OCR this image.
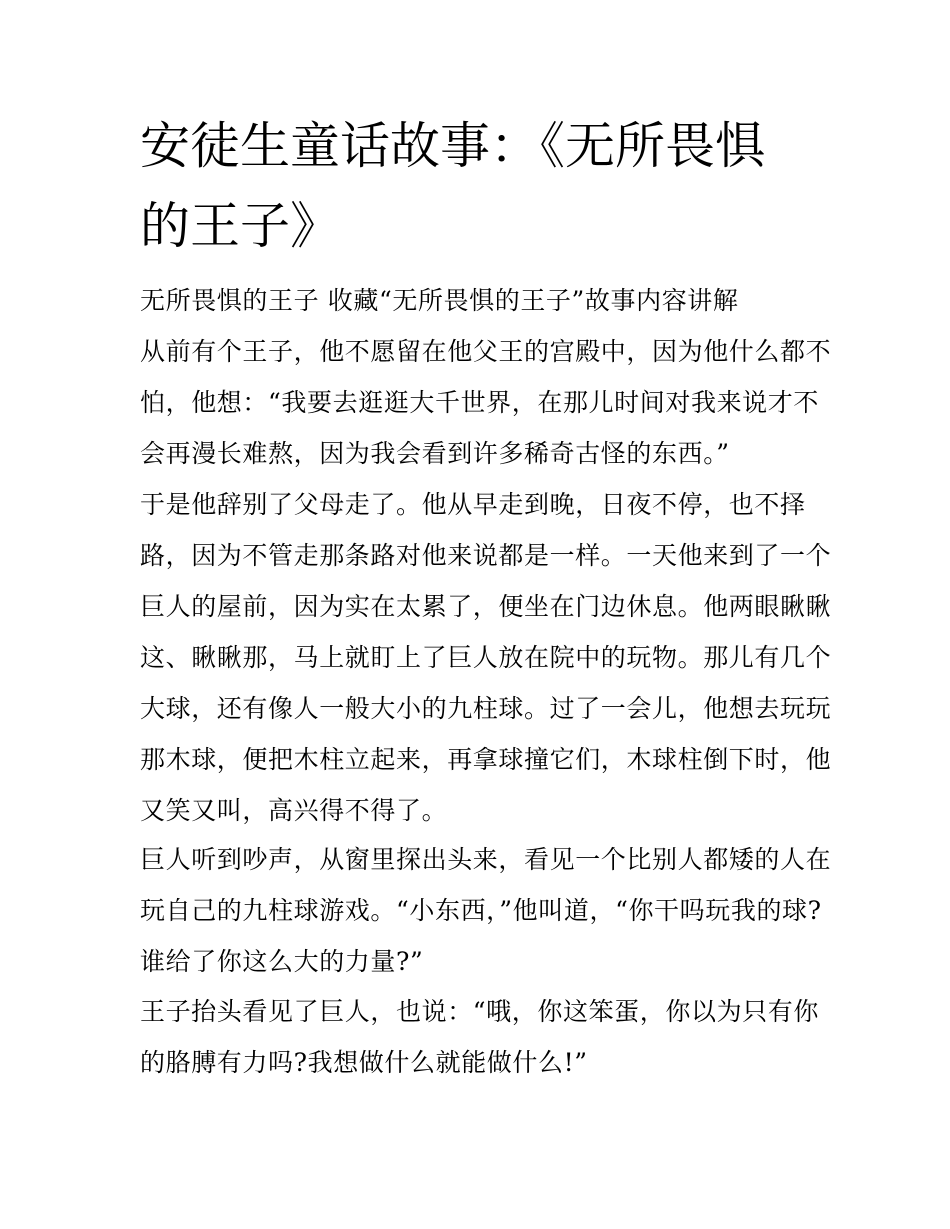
安徒生童话故事：《无所畏惧
的王子》
无所畏惧的王子 收藏“无所畏惧的王子”故事内容讲解
从前有个王子，他不愿留在他父王的宫殿中，因为他什么都不
怕，他想：“我要去逛逛大千世界，在那儿时间对我来说才不
会再漫长难熬，因为我会看到许多稀奇古怪的东西。”
于是他辞别了父母走了。他从早走到晚，日夜不停，也不择
路，因为不管走那条路对他来说都是一样。一天他来到了一个
巨人的屋前，因为实在太累了，便坐在门边休息。他两眼瞅瞅
这、瞅瞅那，马上就盯上了巨人放在院中的玩物。那儿有几个
大球，还有像人一般大小的九柱球。过了一会儿，他想去玩玩
那木球，便把木柱立起来，再拿球撞它们，木球柱倒下时，他
又笑又叫，高兴得不得了。
巨人听到吵声，从窗里探出头来，看见一个比别人都矮的人在
玩自己的九柱球游戏。“小东西，”他叫道，“你干吗玩我的球?
谁给了你这么大的力量?”
王子抬头看见了巨人，也说：“哦，你这笨蛋，你以为只有你
的胳膊有力吗?我想做什么就能做什么!”
